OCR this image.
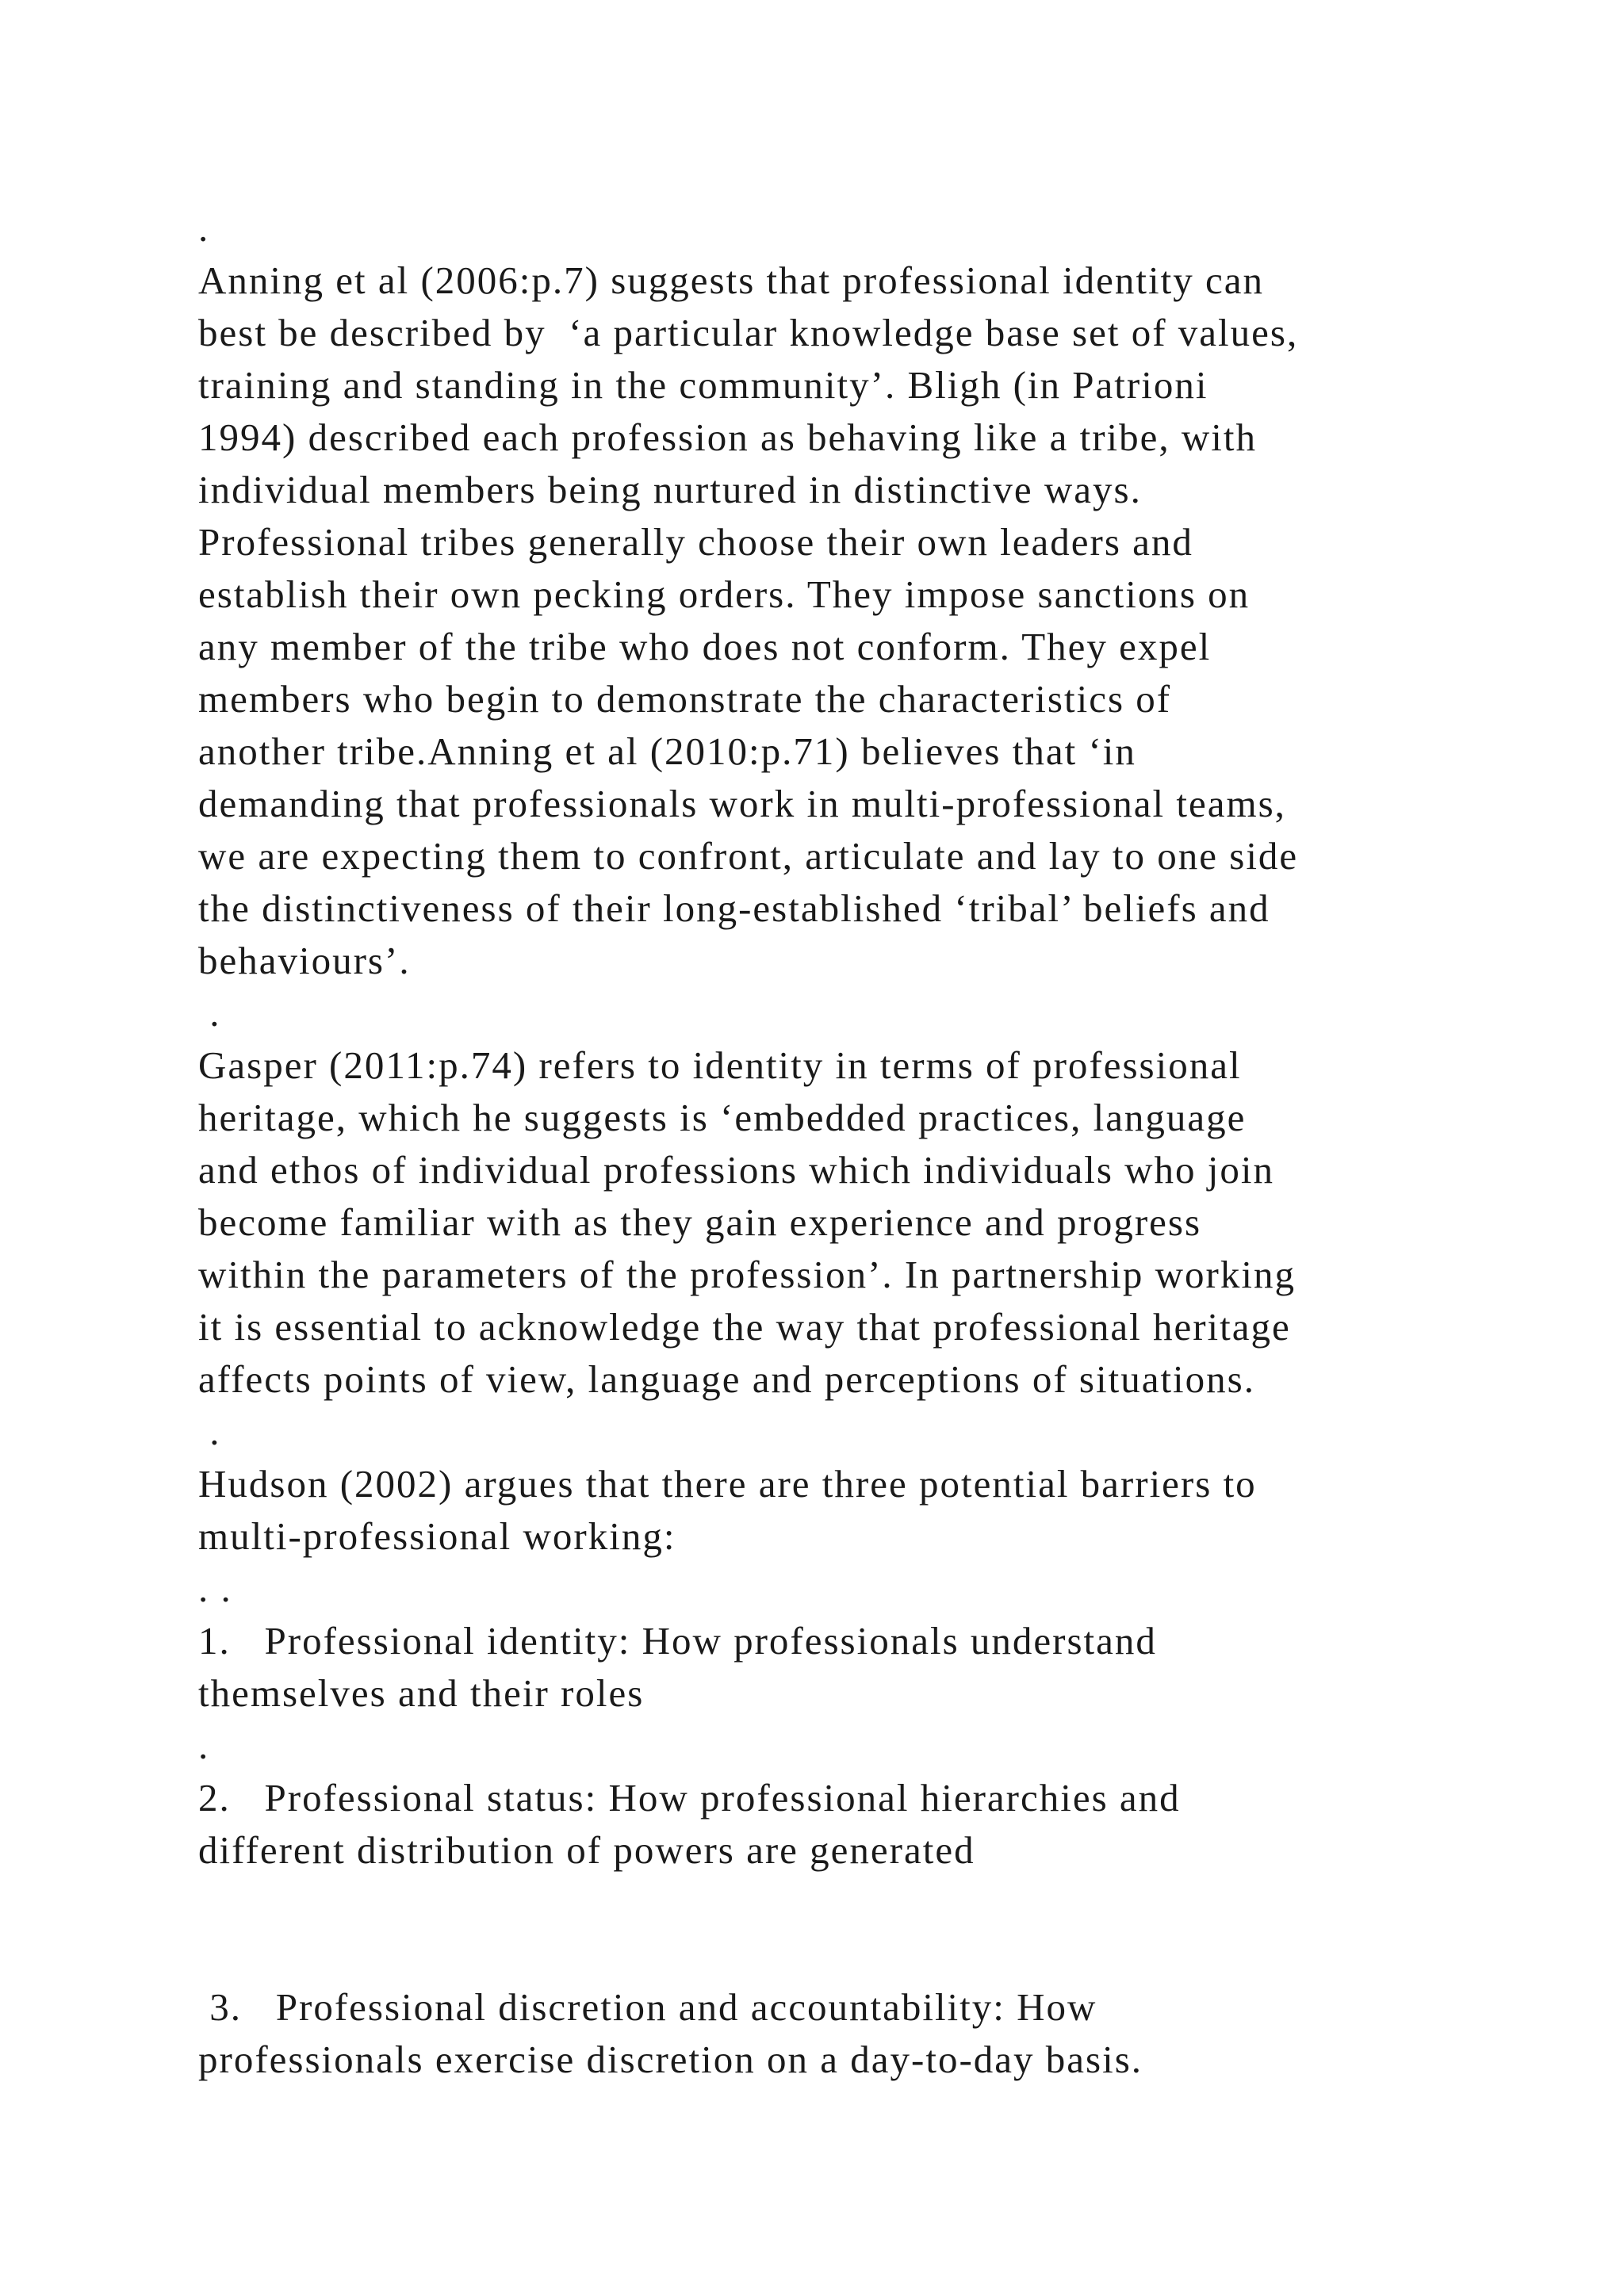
.
Anning et al (2006:p.7) suggests that professional identity can
best be described by  ‘a particular knowledge base set of values,
training and standing in the community’. Bligh (in Patrioni
1994) described each profession as behaving like a tribe, with
individual members being nurtured in distinctive ways.
Professional tribes generally choose their own leaders and
establish their own pecking orders. They impose sanctions on
any member of the tribe who does not conform. They expel
members who begin to demonstrate the characteristics of
another tribe.Anning et al (2010:p.71) believes that ‘in
demanding that professionals work in multi-professional teams,
we are expecting them to confront, articulate and lay to one side
the distinctiveness of their long-established ‘tribal’ beliefs and
behaviours’.
.
Gasper (2011:p.74) refers to identity in terms of professional
heritage, which he suggests is ‘embedded practices, language
and ethos of individual professions which individuals who join
become familiar with as they gain experience and progress
within the parameters of the profession’. In partnership working
it is essential to acknowledge the way that professional heritage
affects points of view, language and perceptions of situations.
.
Hudson (2002) argues that there are three potential barriers to
multi-professional working:
. .
1.   Professional identity: How professionals understand
themselves and their roles
.
2.   Professional status: How professional hierarchies and
different distribution of powers are generated
3.   Professional discretion and accountability: How
professionals exercise discretion on a day-to-day basis.
